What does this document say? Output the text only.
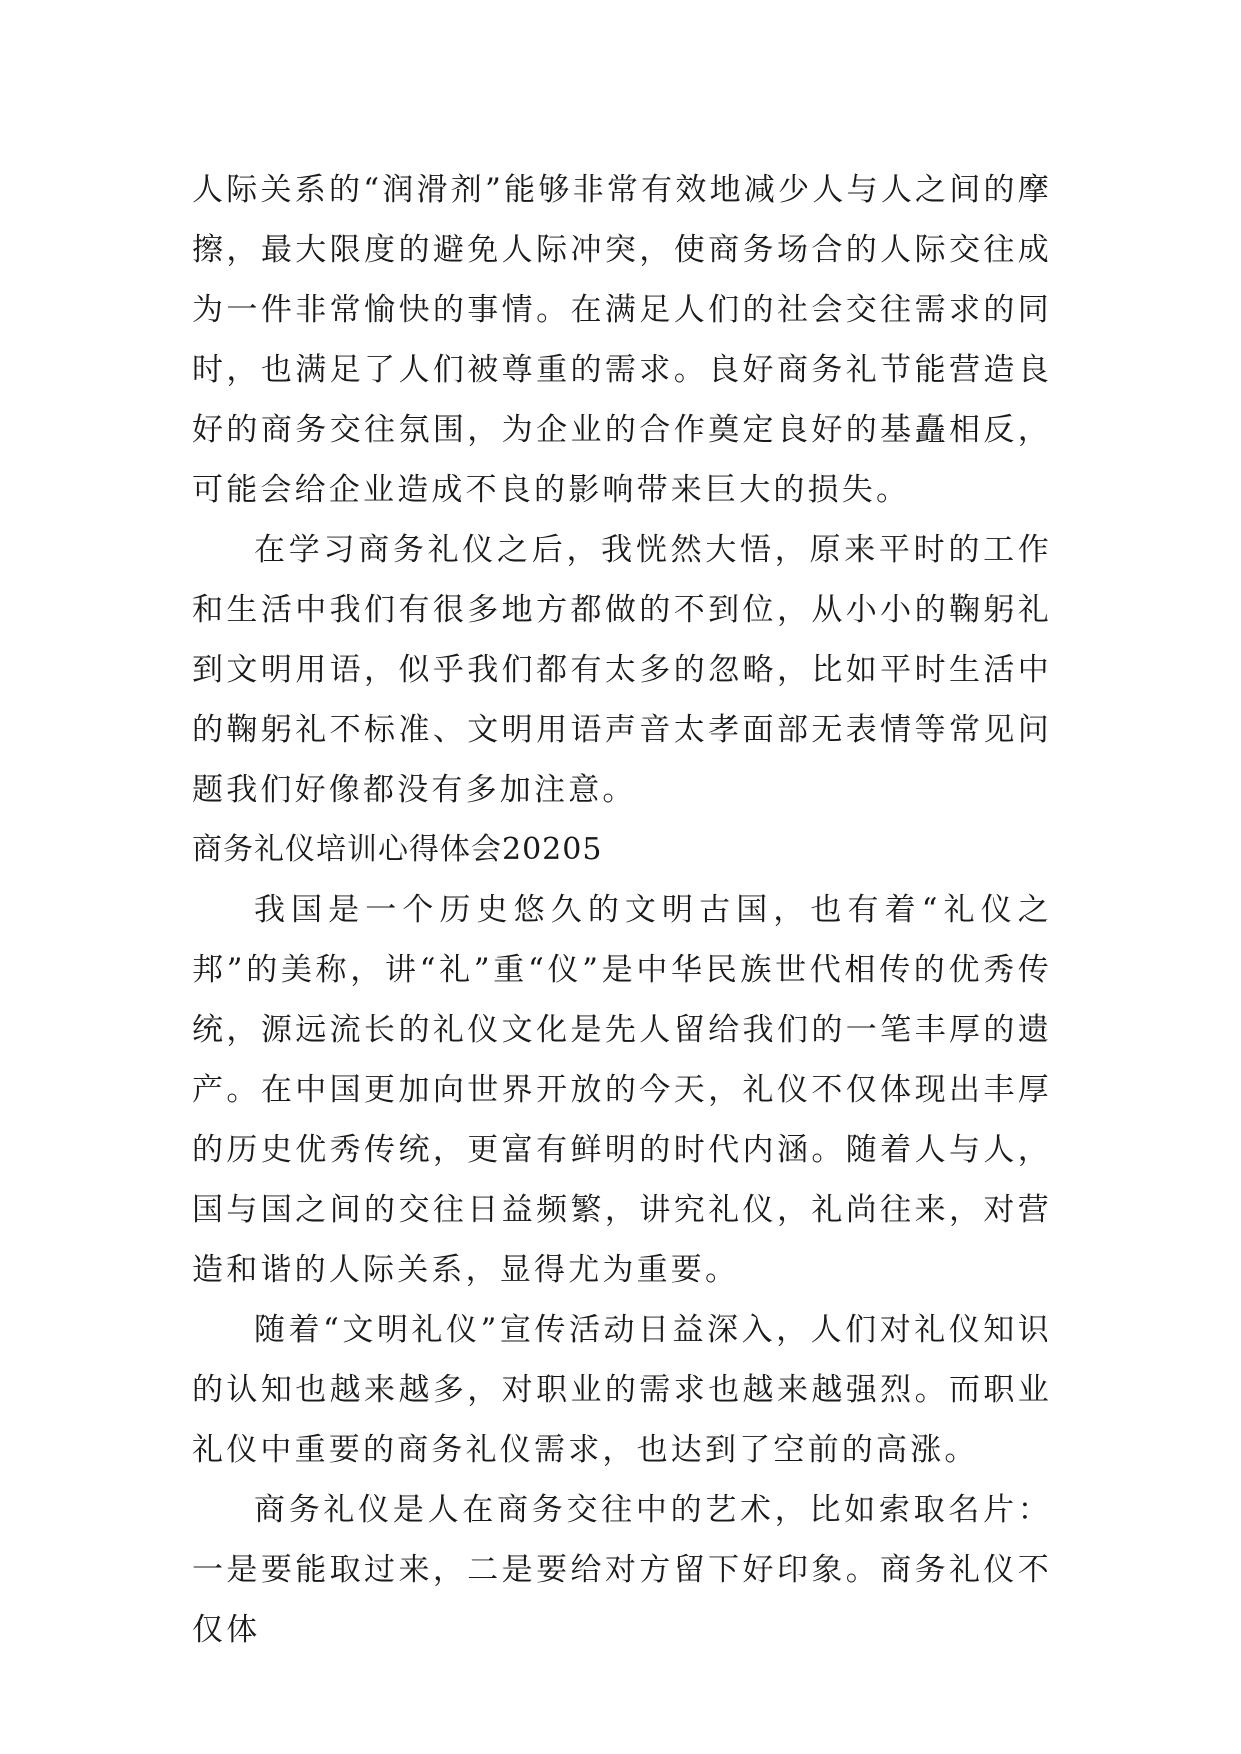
人际关系的“润滑剂”能够非常有效地减少人与人之间的摩擦，最大限度的避免人际冲突，使商务场合的人际交往成为一件非常愉快的事情。在满足人们的社会交往需求的同时，也满足了人们被尊重的需求。良好商务礼节能营造良好的商务交往氛围，为企业的合作奠定良好的基矗相反，可能会给企业造成不良的影响带来巨大的损失。

在学习商务礼仪之后，我恍然大悟，原来平时的工作和生活中我们有很多地方都做的不到位，从小小的鞠躬礼到文明用语，似乎我们都有太多的忽略，比如平时生活中的鞠躬礼不标准、文明用语声音太孝面部无表情等常见问题我们好像都没有多加注意。

商务礼仪培训心得体会20205

我国是一个历史悠久的文明古国，也有着“礼仪之邦”的美称，讲“礼”重“仪”是中华民族世代相传的优秀传统，源远流长的礼仪文化是先人留给我们的一笔丰厚的遗产。在中国更加向世界开放的今天，礼仪不仅体现出丰厚的历史优秀传统，更富有鲜明的时代内涵。随着人与人，国与国之间的交往日益频繁，讲究礼仪，礼尚往来，对营造和谐的人际关系，显得尤为重要。

随着“文明礼仪”宣传活动日益深入，人们对礼仪知识的认知也越来越多，对职业的需求也越来越强烈。而职业礼仪中重要的商务礼仪需求，也达到了空前的高涨。

商务礼仪是人在商务交往中的艺术，比如索取名片：一是要能取过来，二是要给对方留下好印象。商务礼仪不仅体
